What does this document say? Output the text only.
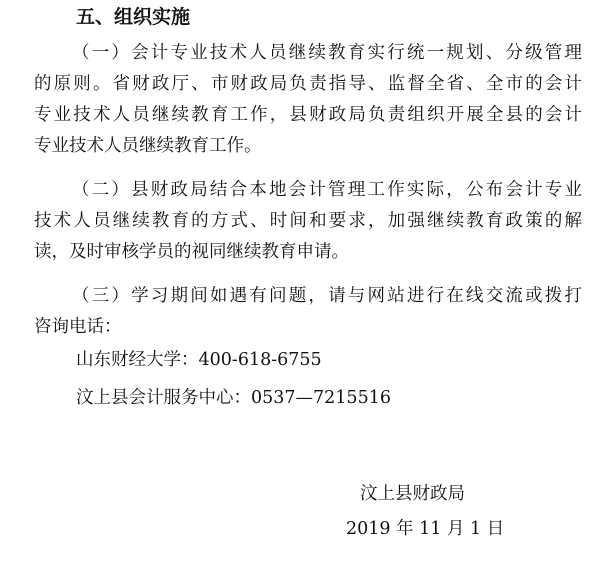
五、组织实施
（一）会计专业技术人员继续教育实行统一规划、分级管理
的原则。省财政厅、市财政局负责指导、监督全省、全市的会计
专业技术人员继续教育工作，县财政局负责组织开展全县的会计
专业技术人员继续教育工作。
（二）县财政局结合本地会计管理工作实际，公布会计专业
技术人员继续教育的方式、时间和要求，加强继续教育政策的解
读，及时审核学员的视同继续教育申请。
（三）学习期间如遇有问题，请与网站进行在线交流或拨打
咨询电话：
山东财经大学：400-618-6755
汶上县会计服务中心：0537—7215516
汶上县财政局
2019 年 11 月 1 日
